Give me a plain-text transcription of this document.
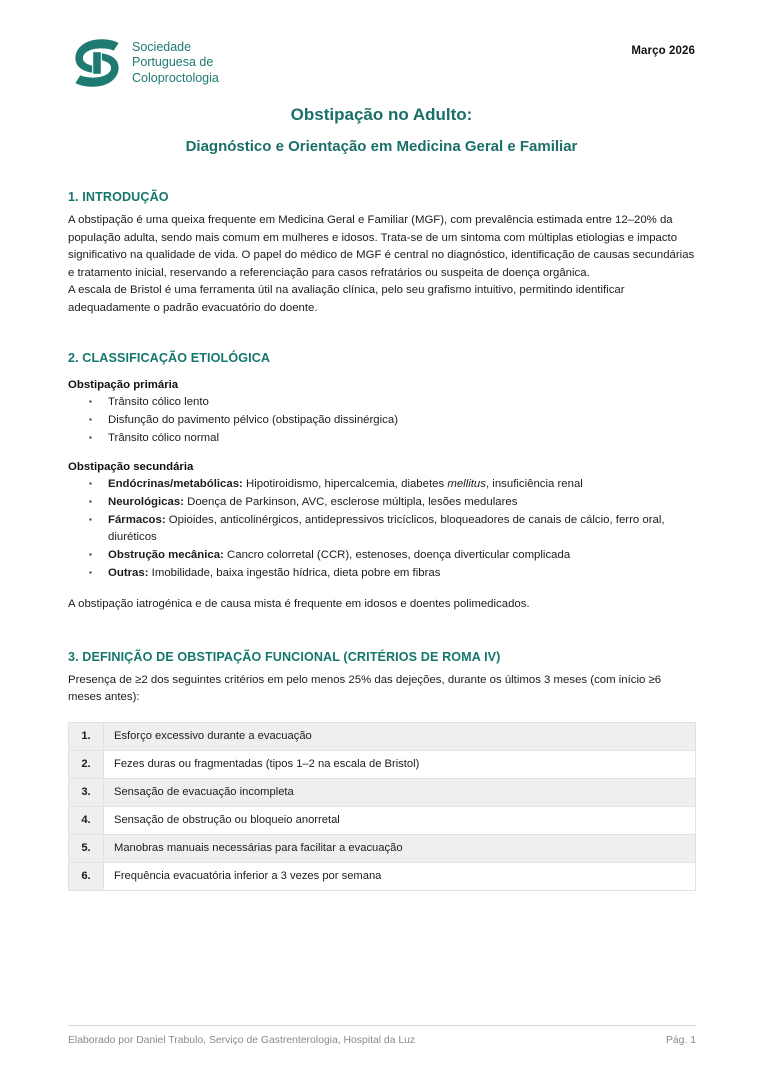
Sociedade
Portuguesa de
Coloproctologia
Março 2026
Obstipação no Adulto:
Diagnóstico e Orientação em Medicina Geral e Familiar
1. INTRODUÇÃO

A obstipação é uma queixa frequente em Medicina Geral e Familiar (MGF), com prevalência estimada entre 12–20% da população adulta, sendo mais comum em mulheres e idosos. Trata-se de um sintoma com múltiplas etiologias e impacto significativo na qualidade de vida. O papel do médico de MGF é central no diagnóstico, identificação de causas secundárias e tratamento inicial, reservando a referenciação para casos refratários ou suspeita de doença orgânica.

A escala de Bristol é uma ferramenta útil na avaliação clínica, pelo seu grafismo intuitivo, permitindo identificar adequadamente o padrão evacuatório do doente.

2. CLASSIFICAÇÃO ETIOLÓGICA
Obstipação primária
▪ Trânsito cólico lento
▪ Disfunção do pavimento pélvico (obstipação dissinérgica)
▪ Trânsito cólico normal
Obstipação secundária
▪ Endócrinas/metabólicas: Hipotiroidismo, hipercalcemia, diabetes mellitus, insuficiência renal
▪ Neurológicas: Doença de Parkinson, AVC, esclerose múltipla, lesões medulares
▪ Fármacos: Opioides, anticolinérgicos, antidepressivos tricíclicos, bloqueadores de canais de cálcio, ferro oral, diuréticos
▪ Obstrução mecânica: Cancro colorretal (CCR), estenoses, doença diverticular complicada
▪ Outras: Imobilidade, baixa ingestão hídrica, dieta pobre em fibras

A obstipação iatrogénica e de causa mista é frequente em idosos e doentes polimedicados.

3. DEFINIÇÃO DE OBSTIPAÇÃO FUNCIONAL (CRITÉRIOS DE ROMA IV)

Presença de ≥2 dos seguintes critérios em pelo menos 25% das dejeções, durante os últimos 3 meses (com início ≥6 meses antes):

1.	Esforço excessivo durante a evacuação
2.	Fezes duras ou fragmentadas (tipos 1–2 na escala de Bristol)
3.	Sensação de evacuação incompleta
4.	Sensação de obstrução ou bloqueio anorretal
5.	Manobras manuais necessárias para facilitar a evacuação
6.	Frequência evacuatória inferior a 3 vezes por semana
Elaborado por Daniel Trabulo, Serviço de Gastrenterologia, Hospital da Luz	Pág. 1
